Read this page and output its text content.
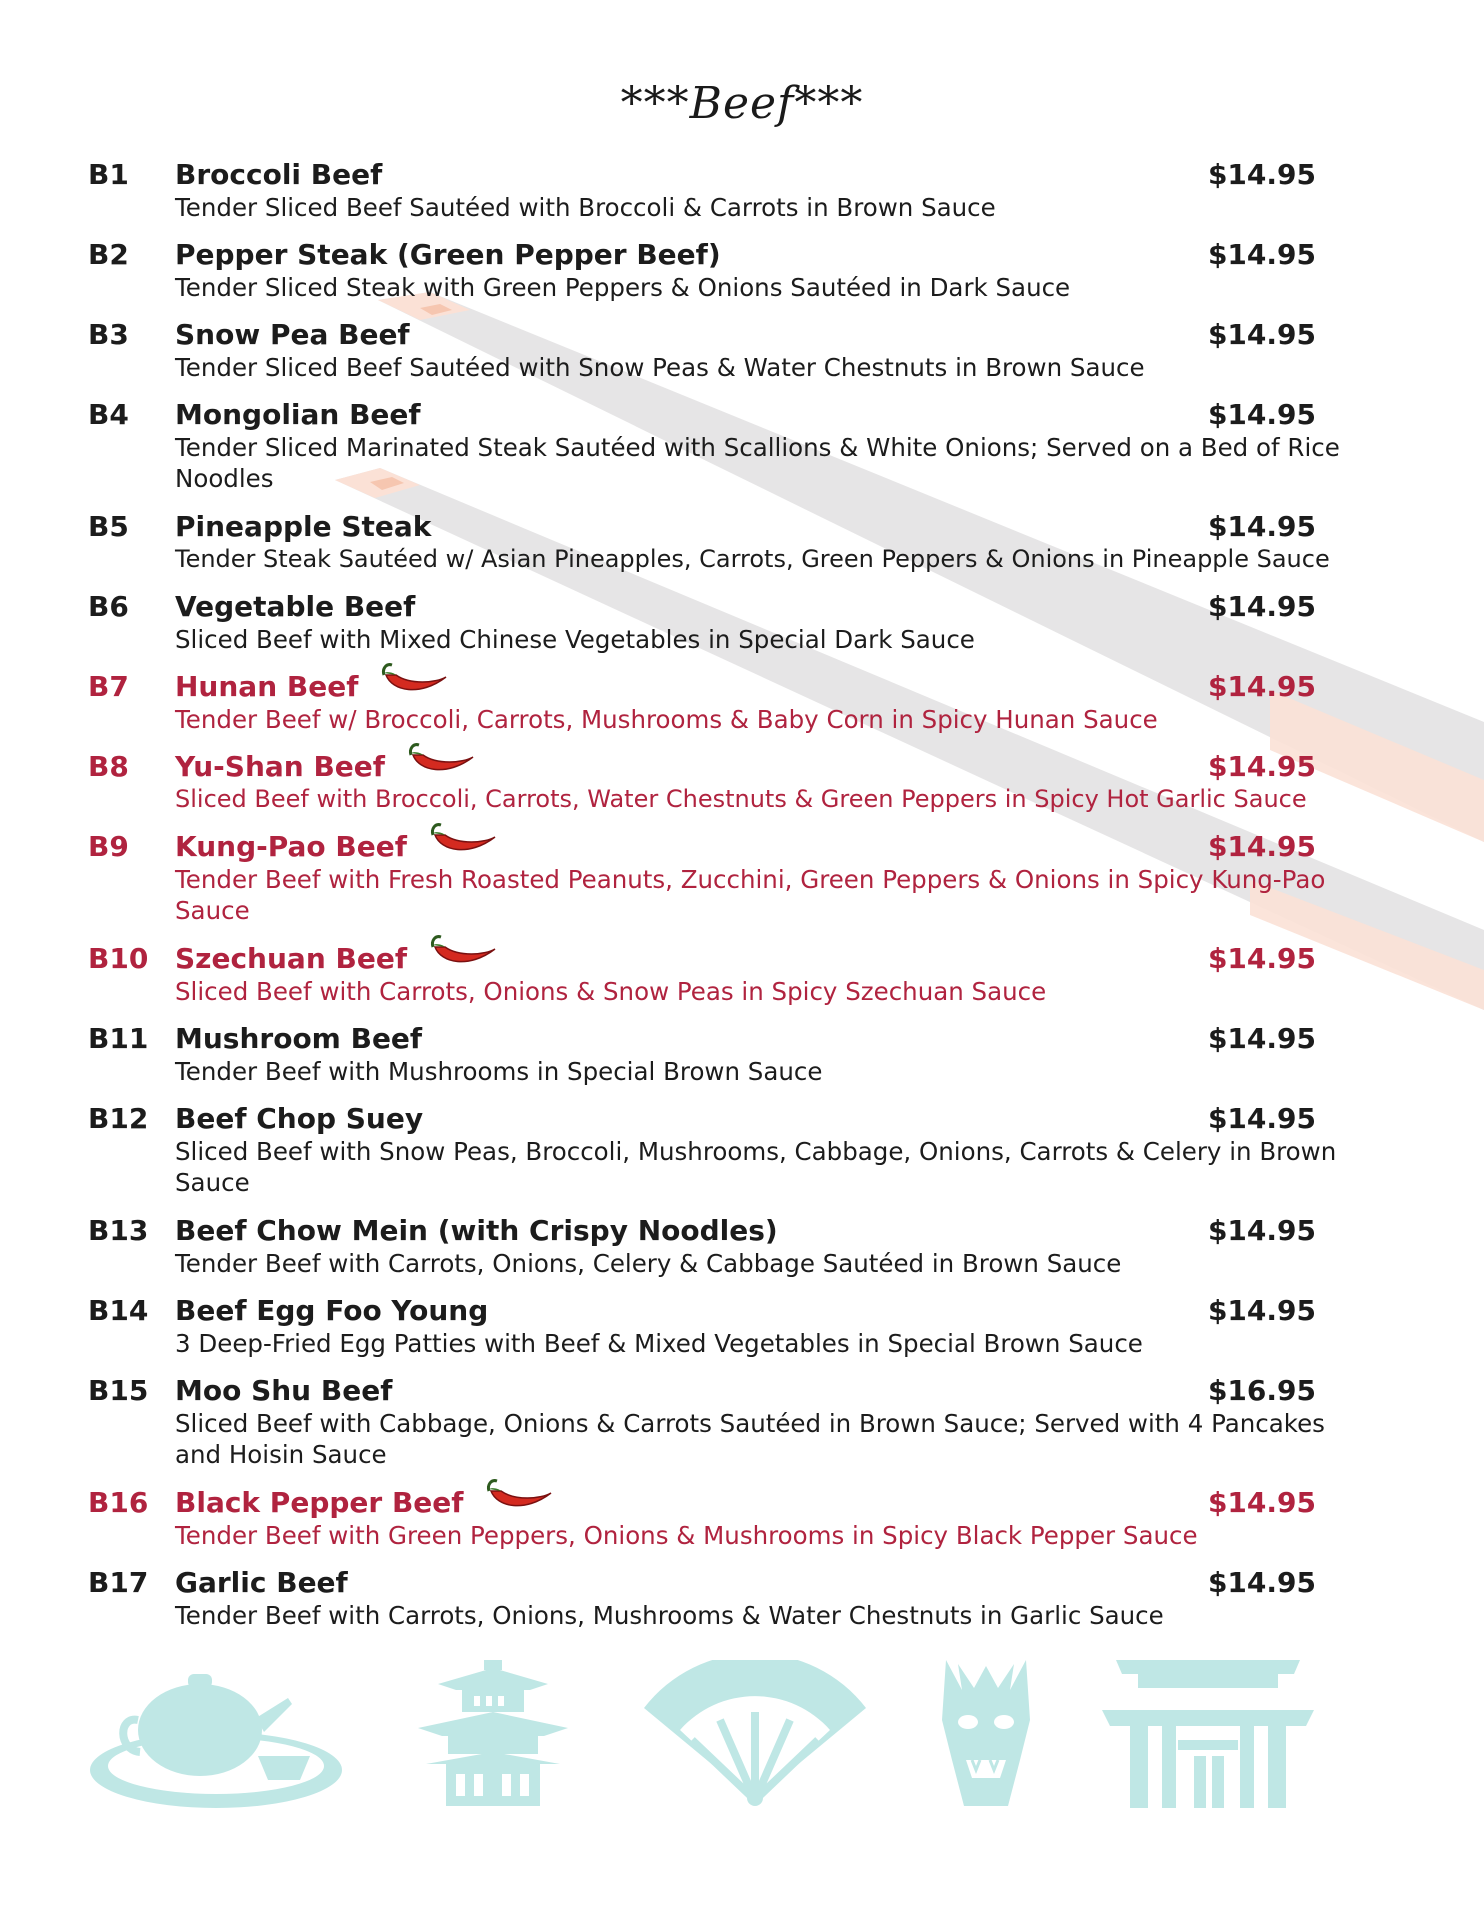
***Beef***
B1 Broccoli Beef	$14.95
Tender Sliced Beef Sautéed with Broccoli & Carrots in Brown Sauce
B2 Pepper Steak (Green Pepper Beef)	$14.95
Tender Sliced Steak with Green Peppers & Onions Sautéed in Dark Sauce
B3 Snow Pea Beef	$14.95
Tender Sliced Beef Sautéed with Snow Peas & Water Chestnuts in Brown Sauce
B4 Mongolian Beef	$14.95
Tender Sliced Marinated Steak Sautéed with Scallions & White Onions; Served on a Bed of Rice Noodles
B5 Pineapple Steak	$14.95
Tender Steak Sautéed w/ Asian Pineapples, Carrots, Green Peppers & Onions in Pineapple Sauce
B6 Vegetable Beef	$14.95
Sliced Beef with Mixed Chinese Vegetables in Special Dark Sauce
B7 Hunan Beef	$14.95
Tender Beef w/ Broccoli, Carrots, Mushrooms & Baby Corn in Spicy Hunan Sauce
B8 Yu-Shan Beef	$14.95
Sliced Beef with Broccoli, Carrots, Water Chestnuts & Green Peppers in Spicy Hot Garlic Sauce
B9 Kung-Pao Beef	$14.95
Tender Beef with Fresh Roasted Peanuts, Zucchini, Green Peppers & Onions in Spicy Kung-Pao Sauce
B10 Szechuan Beef	$14.95
Sliced Beef with Carrots, Onions & Snow Peas in Spicy Szechuan Sauce
B11 Mushroom Beef	$14.95
Tender Beef with Mushrooms in Special Brown Sauce
B12 Beef Chop Suey	$14.95
Sliced Beef with Snow Peas, Broccoli, Mushrooms, Cabbage, Onions, Carrots & Celery in Brown Sauce
B13 Beef Chow Mein (with Crispy Noodles)	$14.95
Tender Beef with Carrots, Onions, Celery & Cabbage Sautéed in Brown Sauce
B14 Beef Egg Foo Young	$14.95
3 Deep-Fried Egg Patties with Beef & Mixed Vegetables in Special Brown Sauce
B15 Moo Shu Beef	$16.95
Sliced Beef with Cabbage, Onions & Carrots Sautéed in Brown Sauce; Served with 4 Pancakes and Hoisin Sauce
B16 Black Pepper Beef	$14.95
Tender Beef with Green Peppers, Onions & Mushrooms in Spicy Black Pepper Sauce
B17 Garlic Beef	$14.95
Tender Beef with Carrots, Onions, Mushrooms & Water Chestnuts in Garlic Sauce
